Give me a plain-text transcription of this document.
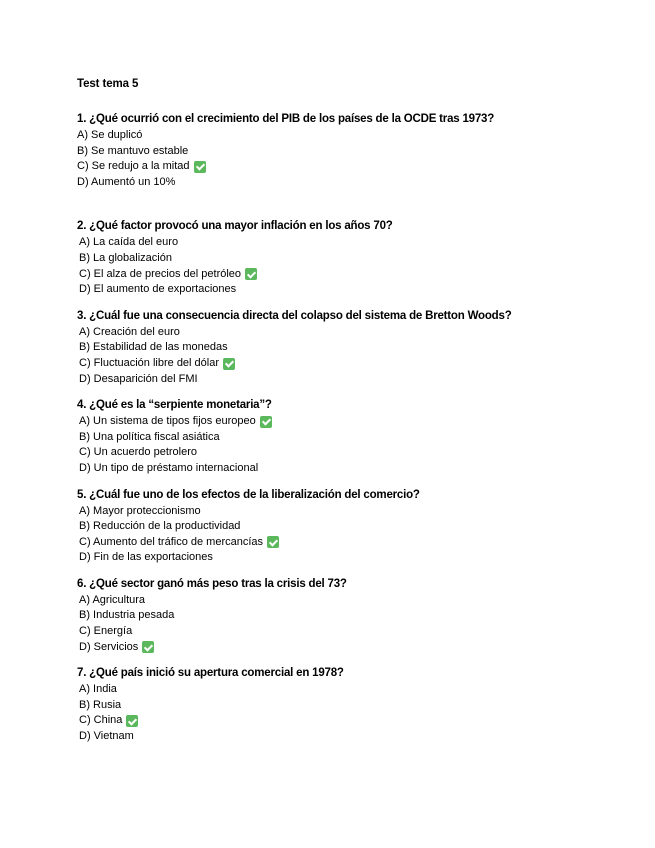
Test tema 5
1. ¿Qué ocurrió con el crecimiento del PIB de los países de la OCDE tras 1973?
A) Se duplicó
B) Se mantuvo estable
C) Se redujo a la mitad
D) Aumentó un 10%
2. ¿Qué factor provocó una mayor inflación en los años 70?
A) La caída del euro
B) La globalización
C) El alza de precios del petróleo
D) El aumento de exportaciones
3. ¿Cuál fue una consecuencia directa del colapso del sistema de Bretton Woods?
A) Creación del euro
B) Estabilidad de las monedas
C) Fluctuación libre del dólar
D) Desaparición del FMI
4. ¿Qué es la “serpiente monetaria”?
A) Un sistema de tipos fijos europeo
B) Una política fiscal asiática
C) Un acuerdo petrolero
D) Un tipo de préstamo internacional
5. ¿Cuál fue uno de los efectos de la liberalización del comercio?
A) Mayor proteccionismo
B) Reducción de la productividad
C) Aumento del tráfico de mercancías
D) Fin de las exportaciones
6. ¿Qué sector ganó más peso tras la crisis del 73?
A) Agricultura
B) Industria pesada
C) Energía
D) Servicios
7. ¿Qué país inició su apertura comercial en 1978?
A) India
B) Rusia
C) China
D) Vietnam
